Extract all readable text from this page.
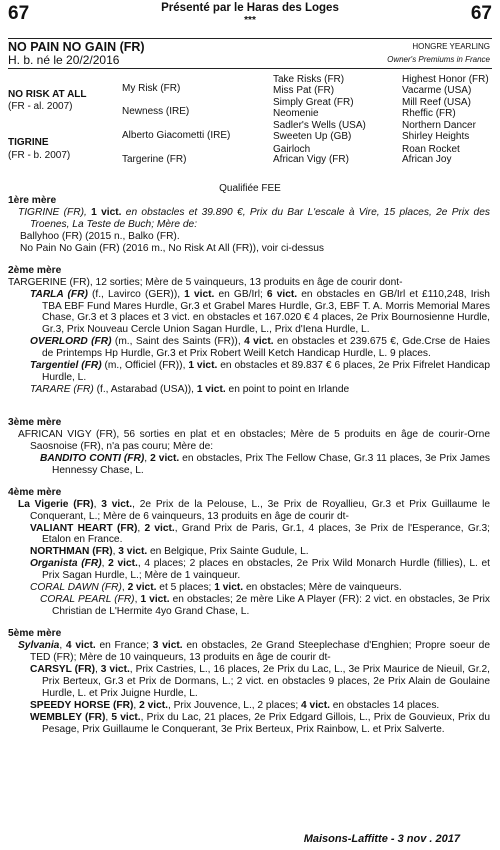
67	Présenté par le Haras des Loges
***	67
NO PAIN NO GAIN (FR)
H. b. né le 20/2/2016
HONGRE YEARLING
Owner's Premiums in France
NO RISK AT ALL
(FR - al. 2007)
TIGRINE
(FR - b. 2007)
My Risk (FR)
Newness (IRE)
Alberto Giacometti (IRE)
Targerine (FR)
Take Risks (FR)
Miss Pat (FR)
Simply Great (FR)
Neomenie
Sadler's Wells (USA)
Sweeten Up (GB)
Gairloch
African Vigy (FR)
Highest Honor (FR)
Vacarme (USA)
Mill Reef (USA)
Rheffic (FR)
Northern Dancer
Shirley Heights
Roan Rocket
African Joy
Qualifiée FEE
1ère mère
TIGRINE (FR), 1 vict. en obstacles et 39.890 €, Prix du Bar L'escale à Vire, 15 places, 2e Prix des Troenes, La Teste de Buch; Mère de:
Ballyhoo (FR) (2015 n., Balko (FR).
No Pain No Gain (FR) (2016 m., No Risk At All (FR)), voir ci-dessus
2ème mère
TARGERINE (FR), 12 sorties; Mère de 5 vainqueurs, 13 produits en âge de courir dont-
TARLA (FR) (f., Lavirco (GER)), 1 vict. en GB/Irl; 6 vict. en obstacles en GB/Irl et £110,248, Irish TBA EBF Fund Mares Hurdle, Gr.3 et Grabel Mares Hurdle, Gr.3, EBF T. A. Morris Memorial Mares Chase, Gr.3 et 3 places et 3 vict. en obstacles et 167.020 € 4 places, 2e Prix Bournosienne Hurdle, Gr.3, Prix Nouveau Cercle Union Sagan Hurdle, L., Prix d'Iena Hurdle, L.
OVERLORD (FR) (m., Saint des Saints (FR)), 4 vict. en obstacles et 239.675 €, Gde.Crse de Haies de Printemps Hp Hurdle, Gr.3 et Prix Robert Weill Ketch Handicap Hurdle, L. 9 places.
Targentiel (FR) (m., Officiel (FR)), 1 vict. en obstacles et 89.837 € 6 places, 2e Prix Fifrelet Handicap Hurdle, L.
TARARE (FR) (f., Astarabad (USA)), 1 vict. en point to point en Irlande
3ème mère
AFRICAN VIGY (FR), 56 sorties en plat et en obstacles; Mère de 5 produits en âge de courir-Orne Saosnoise (FR), n'a pas couru; Mère de:
BANDITO CONTI (FR), 2 vict. en obstacles, Prix The Fellow Chase, Gr.3 11 places, 3e Prix James Hennessy Chase, L.
4ème mère
La Vigerie (FR), 3 vict., 2e Prix de la Pelouse, L., 3e Prix de Royallieu, Gr.3 et Prix Guillaume le Conquerant, L.; Mère de 6 vainqueurs, 13 produits en âge de courir dt-
VALIANT HEART (FR), 2 vict., Grand Prix de Paris, Gr.1, 4 places, 3e Prix de l'Esperance, Gr.3; Etalon en France.
NORTHMAN (FR), 3 vict. en Belgique, Prix Sainte Gudule, L.
Organista (FR), 2 vict., 4 places; 2 places en obstacles, 2e Prix Wild Monarch Hurdle (fillies), L. et Prix Sagan Hurdle, L.; Mère de 1 vainqueur.
CORAL DAWN (FR), 2 vict. et 5 places; 1 vict. en obstacles; Mère de vainqueurs.
CORAL PEARL (FR), 1 vict. en obstacles; 2e mère Like A Player (FR): 2 vict. en obstacles, 3e Prix Christian de L'Hermite 4yo Grand Chase, L.
5ème mère
Sylvania, 4 vict. en France; 3 vict. en obstacles, 2e Grand Steeplechase d'Enghien; Propre soeur de TED (FR); Mère de 10 vainqueurs, 13 produits en âge de courir dt-
CARSYL (FR), 3 vict., Prix Castries, L., 16 places, 2e Prix du Lac, L., 3e Prix Maurice de Nieuil, Gr.2, Prix Berteux, Gr.3 et Prix de Dormans, L.; 2 vict. en obstacles 9 places, 2e Prix Alain de Goulaine Hurdle, L. et Prix Juigne Hurdle, L.
SPEEDY HORSE (FR), 2 vict., Prix Jouvence, L., 2 places; 4 vict. en obstacles 14 places.
WEMBLEY (FR), 5 vict., Prix du Lac, 21 places, 2e Prix Edgard Gillois, L., Prix de Gouvieux, Prix du Pesage, Prix Guillaume le Conquerant, 3e Prix Berteux, Prix Rainbow, L. et Prix Salverte.
Maisons-Laffitte - 3 nov . 2017
